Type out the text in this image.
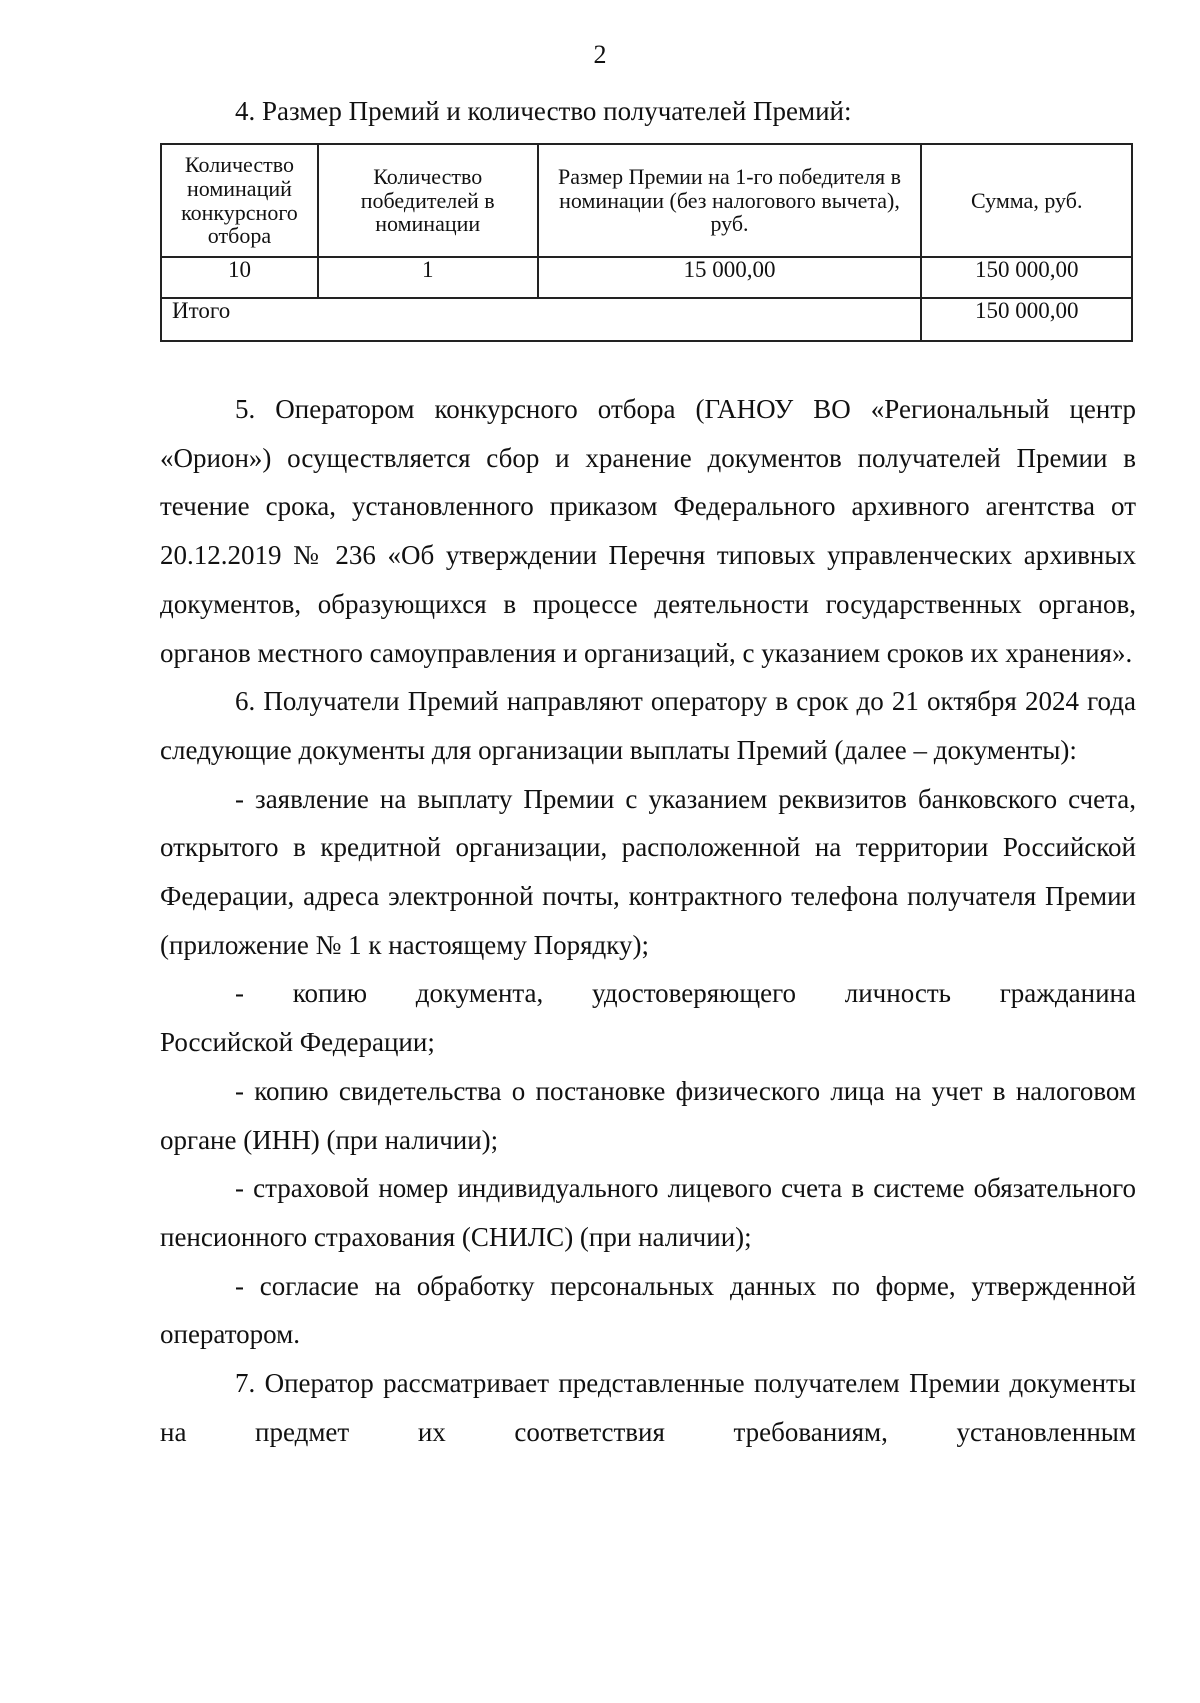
2
4. Размер Премий и количество получателей Премий:
Количество номинаций конкурсного отбора	Количество победителей в номинации	Размер Премии на 1-го победителя в номинации (без налогового вычета), руб.	Сумма, руб.
10	1	15 000,00	150 000,00
Итого			150 000,00

5. Оператором конкурсного отбора (ГАНОУ ВО «Региональный центр «Орион») осуществляется сбор и хранение документов получателей Премии в течение срока, установленного приказом Федерального архивного агентства от 20.12.2019 № 236 «Об утверждении Перечня типовых управленческих архивных документов, образующихся в процессе деятельности государственных органов, органов местного самоуправления и организаций, с указанием сроков их хранения».

6. Получатели Премий направляют оператору в срок до 21 октября 2024 года следующие документы для организации выплаты Премий (далее – документы):

- заявление на выплату Премии с указанием реквизитов банковского счета, открытого в кредитной организации, расположенной на территории Российской Федерации, адреса электронной почты, контрактного телефона получателя Премии (приложение № 1 к настоящему Порядку);

-    копию    документа,    удостоверяющего    личность    гражданина Российской Федерации;

- копию свидетельства о постановке физического лица на учет в налоговом органе (ИНН) (при наличии);

- страховой номер индивидуального лицевого счета в системе обязательного пенсионного страхования (СНИЛС) (при наличии);

- согласие на обработку персональных данных по форме, утвержденной оператором.

7. Оператор рассматривает представленные получателем Премии документы на предмет их соответствия требованиям, установленным
